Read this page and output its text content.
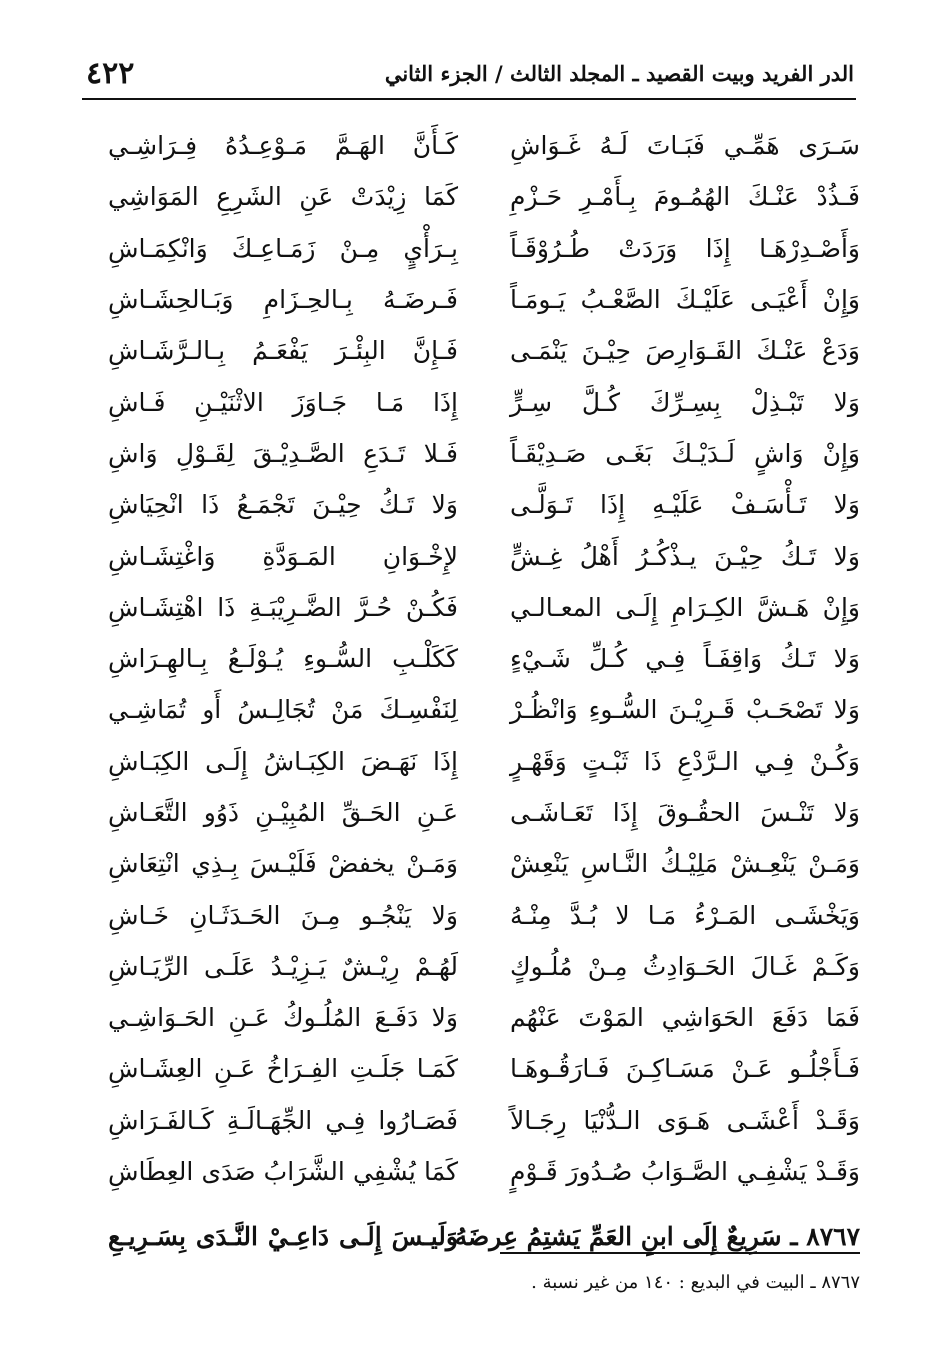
٤٢٢	الدر الفريد وبيت القصيد ـ المجلد الثالث / الجزء الثاني
كَـأَنَّ الهَـمَّ مَـوْعِـدُهُ فِـرَاشِـي سَـرَى هَمِّـي فَبَـاتَ لَـهُ غَـوَاشِ
كَمَا زِيْدَتْ عَنِ الشَرِعِ المَوَاشِي فَـذُدْ عَنْـكَ الهُمُـومَ بِـأَمْـرِ حَـزْمِ
بِـرَأْيٍ مِـنْ زَمَـاعِـكَ وَانْكِمَـاشِ وَأَصْـدِرْهَـا إِذَا وَرَدَتْ طُـرُوْقَـاً
فَـرضَـهُ بِـالحِـزَامِ وَبَـالحِشَـاشِ وَإِنْ أَعْيَـى عَلَيْـكَ الصَّعْـبُ يَـومَـاً
فَـإِنَّ البِئْـرَ يَفْعَـمُ بِـالـرَّشَـاشِ وَدَعْ عَنْـكَ القَـوَارِصَ حِيْـنَ يَنْمَـى
إِذَا مَـا جَـاوَزَ الاثْنَيْـنِ فَـاشِ وَلا تَبْـذِلْ بِسِـرِّكَ كُـلَّ سِـرٍّ
فَـلا تَـدَعِ الصَّـدِيْـقَ لِقَـوْلِ وَاشِ وَإِنْ وَاشٍ لَـدَيْـكَ بَغَـى صَـدِيْقَـاً
وَلا تَـكُ حِيْـنَ تَجْمَـعُ ذَا انْحِيَاشِ وَلا تَـأْسَـفْ عَلَيْـهِ إِذَا تَـوَلَّـى
لإِخْـوَانِ المَـوَدَّةِ وَاغْتِشَـاشِ وَلا تَـكُ حِيْـنَ يـذْكُـرُ أَهْلُ غِـشٍّ
فَكُـنْ حُـرَّ الضَّـرِيْبَـةِ ذَا اهْتِشَـاشِ وَإِنْ هَـشَّ الكِـرَامِ إِلَـى المعـالـي
كَكَلْـبِ السُّـوءِ يُـوْلَـعُ بِـالهِـرَاشِ وَلا تَـكُ وَاقِفَـاً فِـي كُـلِّ شَـيْءٍ
لِنَفْسِـكَ مَنْ تُجَالِـسُ أَو تُمَاشِـي وَلا تَصْحَـبْ قَـرِيْـنَ السُّـوءِ وَانْظُـرْ
إِذَا نَهَـضَ الكِبَـاشُ إِلَـى الكِبَـاشِ وَكُـنْ فِـي الـرَّدْعِ ذَا ثَبْـتٍ وَقَهْـرٍ
عَـنِ الحَـقِّ المُبِيْـنِ ذَوُو التَّعَـاشِ وَلا تَنْـسَ الحقُـوقَ إِذَا تَعَـاشَـى
وَمَـنْ يخفضْ فَلَيْـسَ بِـذِي انْتِعَاشِ وَمَـنْ يَنْعِـشْ مَلِيْـكُ النَّـاسِ يَنْعِشْ
وَلا يَنْجُـو مِـنَ الحَـدَثَـانِ خَـاشِ وَيَخْشَـى المَـرْءُ مَـا لا بُـدَّ مِنْـهُ
لَهُـمْ رِيْـشٌ يَـزِيْـدُ عَلَـى الرِّيَـاشِ وَكَـمْ غَـالَ الحَـوَادِثُ مِـنْ مُلُـوكٍ
وَلا دَفَـعَ المُلُـوكُ عَـنِ الحَـوَاشِـي فَمَا دَفَعَ الحَوَاشِي المَوْتَ عَنْهُم
كَمَـا جَلَـتِ الفِـرَاخُ عَـنِ العِشَـاشِ فَـأَجْلُـو عَـنْ مَسَـاكِـنَ فَـارَقُـوهَـا
فَصَـارُوا فِـي الجِّهَـالَـةِ كَـالفَـرَاشِ وَقَـدْ أَعْشَـى هَـوَى الـدُّنْيَا رِجَـالاً
كَمَا يُشْفِي الشَّرَابُ صَدَى العِطَاشِ وَقَـدْ يَشْفِـي الصَّـوَابُ صُـدُورَ قَـوْمٍ
وَلَيـسَ إِلَـى دَاعِـيْ النَّـدَى بِسَـرِيـعِ
٨٧٦٧ ـ سَرِيعٌ إِلَى ابنِ العَمِّ يَشتِمُ عِرضَهُ
٨٧٦٧ ـ البيت في البديع : ١٤٠ من غير نسبة .
